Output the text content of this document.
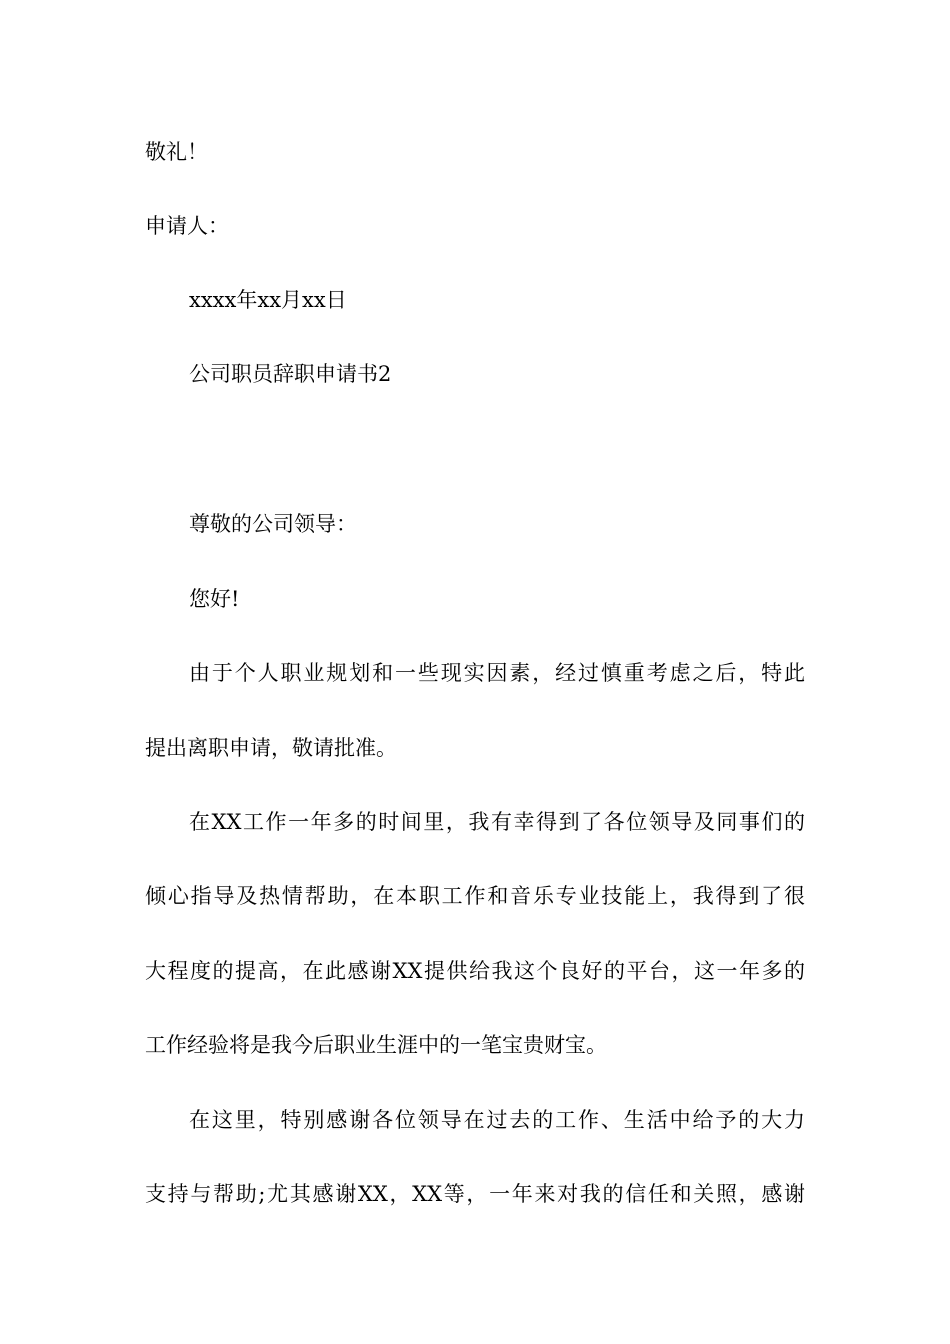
敬礼！
申请人：
xxxx年xx月xx日
公司职员辞职申请书2
尊敬的公司领导：
您好!
由于个人职业规划和一些现实因素，经过慎重考虑之后，特此
提出离职申请，敬请批准。
在XX工作一年多的时间里，我有幸得到了各位领导及同事们的
倾心指导及热情帮助，在本职工作和音乐专业技能上，我得到了很
大程度的提高，在此感谢XX提供给我这个良好的平台，这一年多的
工作经验将是我今后职业生涯中的一笔宝贵财宝。
在这里，特别感谢各位领导在过去的工作、生活中给予的大力
支持与帮助;尤其感谢XX，XX等，一年来对我的信任和关照，感谢
